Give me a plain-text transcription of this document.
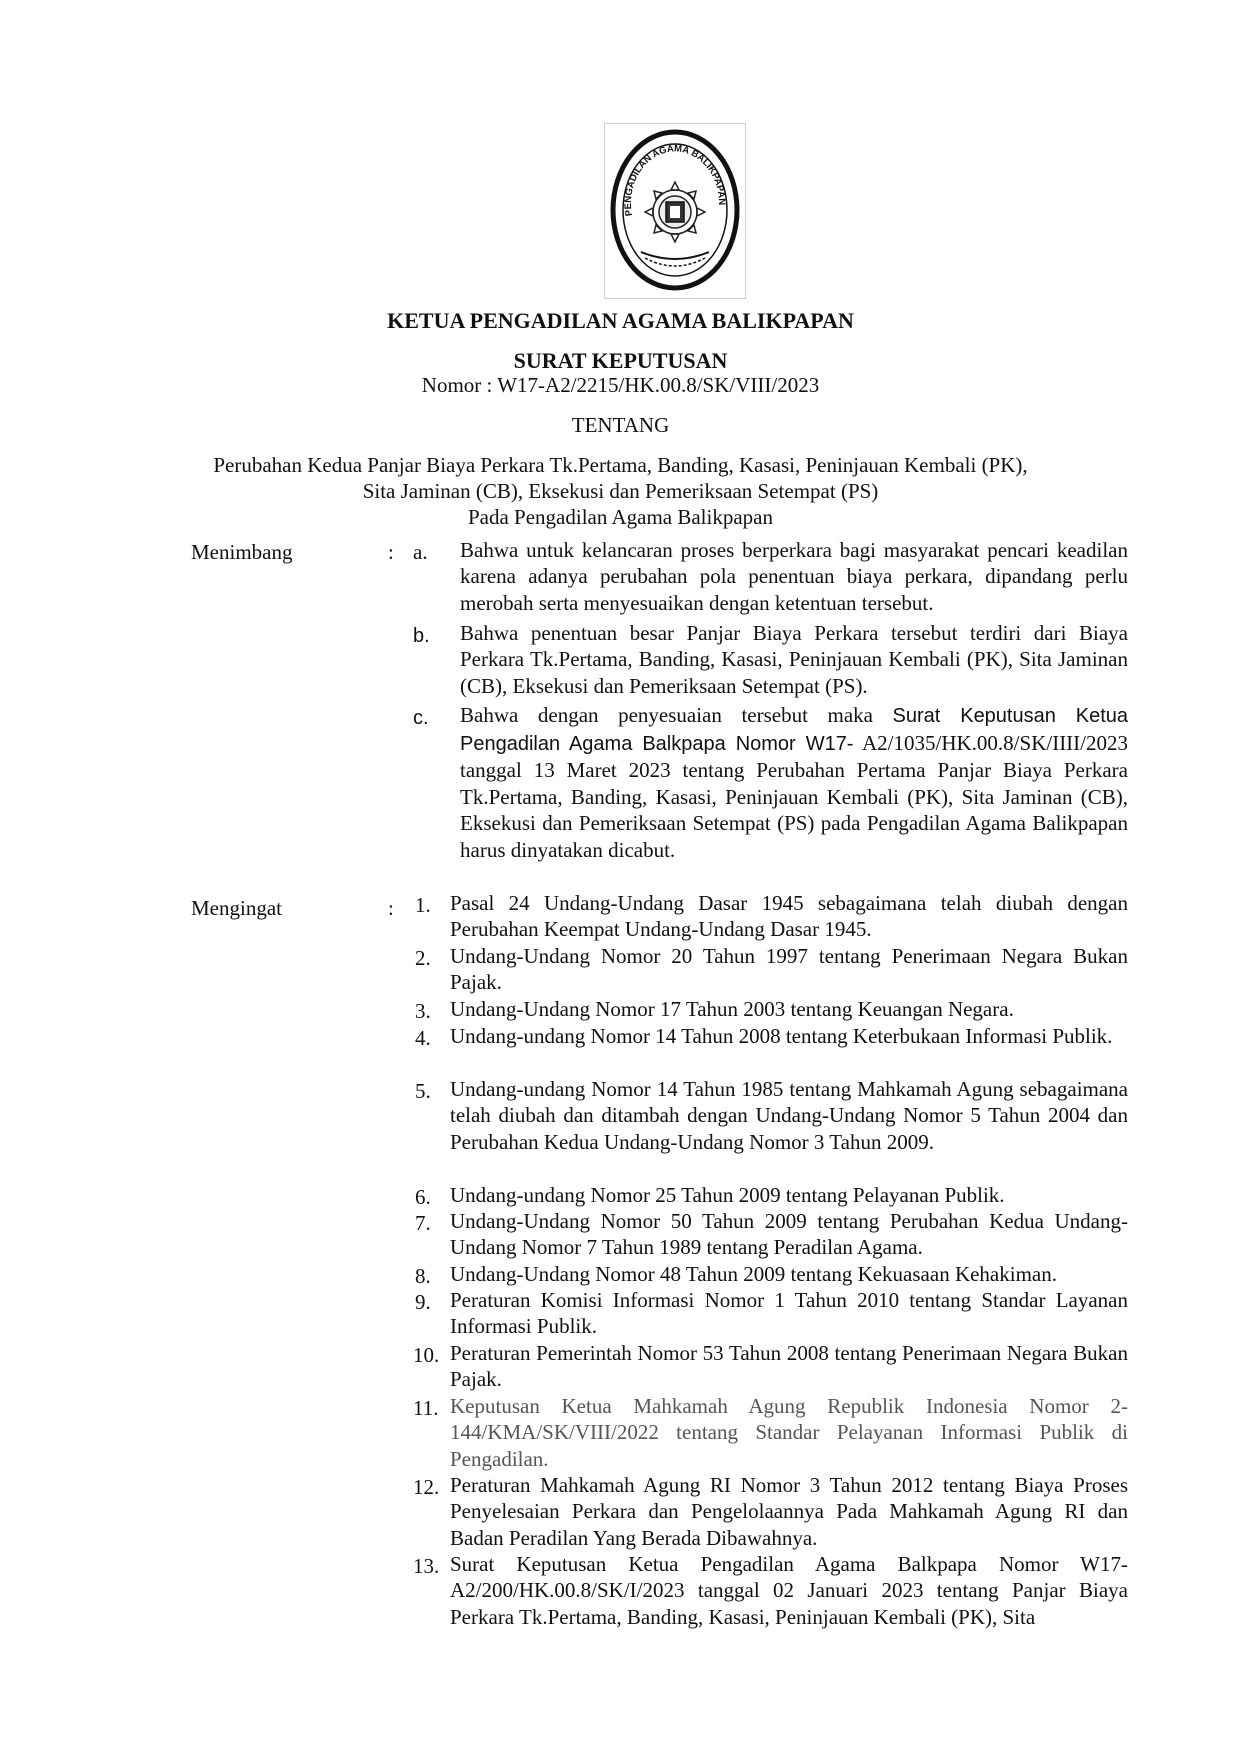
PENGADILAN AGAMA BALIKPAPAN
KETUA PENGADILAN AGAMA BALIKPAPAN
SURAT KEPUTUSAN
Nomor : W17-A2/2215/HK.00.8/SK/VIII/2023
TENTANG
Perubahan Kedua Panjar Biaya Perkara Tk.Pertama, Banding, Kasasi, Peninjauan Kembali (PK),
Sita Jaminan (CB), Eksekusi dan Pemeriksaan Setempat (PS)
Pada Pengadilan Agama Balikpapan
Menimbang	: a. Bahwa untuk kelancaran proses berperkara bagi masyarakat pencari keadilan karena adanya perubahan pola penentuan biaya perkara, dipandang perlu merobah serta menyesuaikan dengan ketentuan tersebut.
b. Bahwa penentuan besar Panjar Biaya Perkara tersebut terdiri dari Biaya Perkara Tk.Pertama, Banding, Kasasi, Peninjauan Kembali (PK), Sita Jaminan (CB), Eksekusi dan Pemeriksaan Setempat (PS).
c. Bahwa dengan penyesuaian tersebut maka Surat Keputusan Ketua Pengadilan Agama Balkpapa Nomor W17- A2/1035/HK.00.8/SK/IIII/2023 tanggal 13 Maret 2023 tentang Perubahan Pertama Panjar Biaya Perkara Tk.Pertama, Banding, Kasasi, Peninjauan Kembali (PK), Sita Jaminan (CB), Eksekusi dan Pemeriksaan Setempat (PS) pada Pengadilan Agama Balikpapan harus dinyatakan dicabut.
Mengingat	: 1. Pasal 24 Undang-Undang Dasar 1945 sebagaimana telah diubah dengan Perubahan Keempat Undang-Undang Dasar 1945.
2. Undang-Undang Nomor 20 Tahun 1997 tentang Penerimaan Negara Bukan Pajak.
3. Undang-Undang Nomor 17 Tahun 2003 tentang Keuangan Negara.
4. Undang-undang Nomor 14 Tahun 2008 tentang Keterbukaan Informasi Publik.
5. Undang-undang Nomor 14 Tahun 1985 tentang Mahkamah Agung sebagaimana telah diubah dan ditambah dengan Undang-Undang Nomor 5 Tahun 2004 dan Perubahan Kedua Undang-Undang Nomor 3 Tahun 2009.
6. Undang-undang Nomor 25 Tahun 2009 tentang Pelayanan Publik.
7. Undang-Undang Nomor 50 Tahun 2009 tentang Perubahan Kedua Undang-Undang Nomor 7 Tahun 1989 tentang Peradilan Agama.
8. Undang-Undang Nomor 48 Tahun 2009 tentang Kekuasaan Kehakiman.
9. Peraturan Komisi Informasi Nomor 1 Tahun 2010 tentang Standar Layanan Informasi Publik.
10. Peraturan Pemerintah Nomor 53 Tahun 2008 tentang Penerimaan Negara Bukan Pajak.
11. Keputusan Ketua Mahkamah Agung Republik Indonesia Nomor 2-144/KMA/SK/VIII/2022 tentang Standar Pelayanan Informasi Publik di Pengadilan.
12. Peraturan Mahkamah Agung RI Nomor 3 Tahun 2012 tentang Biaya Proses Penyelesaian Perkara dan Pengelolaannya Pada Mahkamah Agung RI dan Badan Peradilan Yang Berada Dibawahnya.
13. Surat Keputusan Ketua Pengadilan Agama Balkpapa Nomor W17-A2/200/HK.00.8/SK/I/2023 tanggal 02 Januari 2023 tentang Panjar Biaya Perkara Tk.Pertama, Banding, Kasasi, Peninjauan Kembali (PK), Sita
